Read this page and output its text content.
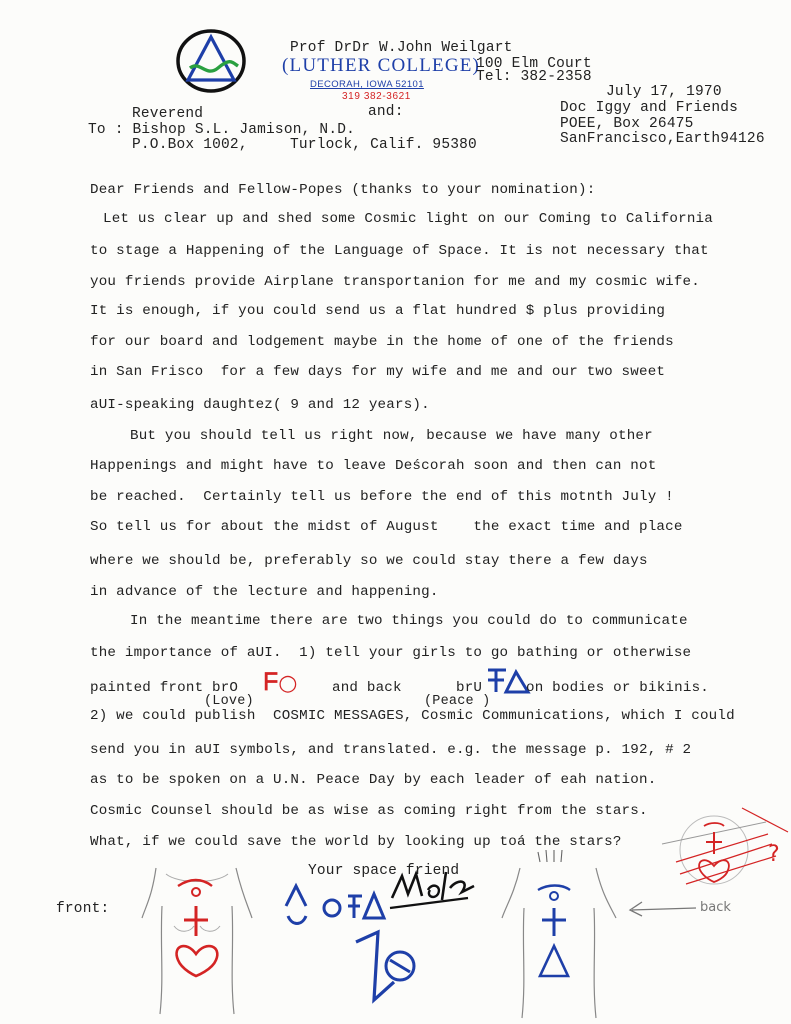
Prof DrDr W.John Weilgart
(LUTHER COLLEGE)
100 Elm Court
Tel: 382-2358
DECORAH, IOWA 52101
319 382-3621	July 17, 1970
Reverend	and:	Doc Iggy and Friends
To : Bishop S.L. Jamison, N.D.	POEE, Box 26475
P.O.Box 1002,	Turlock, Calif. 95380	SanFrancisco,Earth94126
Dear Friends and Fellow-Popes (thanks to your nomination):
Let us clear up and shed some Cosmic light on our Coming to California
to stage a Happening of the Language of Space. It is not necessary that
you friends provide Airplane transportanion for me and my cosmic wife.
It is enough, if you could send us a flat hundred $ plus providing
for our board and lodgement maybe in the home of one of the friends
in San Frisco  for a few days for my wife and me and our two sweet
aUI-speaking daughtez( 9 and 12 years).
But you should tell us right now, because we have many other
Happenings and might have to leave Deścorah soon and then can not
be reached.  Certainly tell us before the end of this motnth July !
So tell us for about the midst of August    the exact time and place
where we should be, preferably so we could stay there a few days
in advance of the lecture and happening.
In the meantime there are two things you could do to communicate
the importance of aUI.  1) tell your girls to go bathing or otherwise
painted front brO ᖴ○ and back	brU	on bodies or bikinis.
(Love)	(Peace )
2) we could publish  COSMIC MESSAGES, Cosmic Communications, which I could
send you in aUI symbols, and translated. e.g. the message p. 192, # 2
as to be spoken on a U.N. Peace Day by each leader of eah nation.
Cosmic Counsel should be as wise as coming right from the stars.
What, if we could save the world by looking up toá the stars?
Your space friend
front:	back
?
